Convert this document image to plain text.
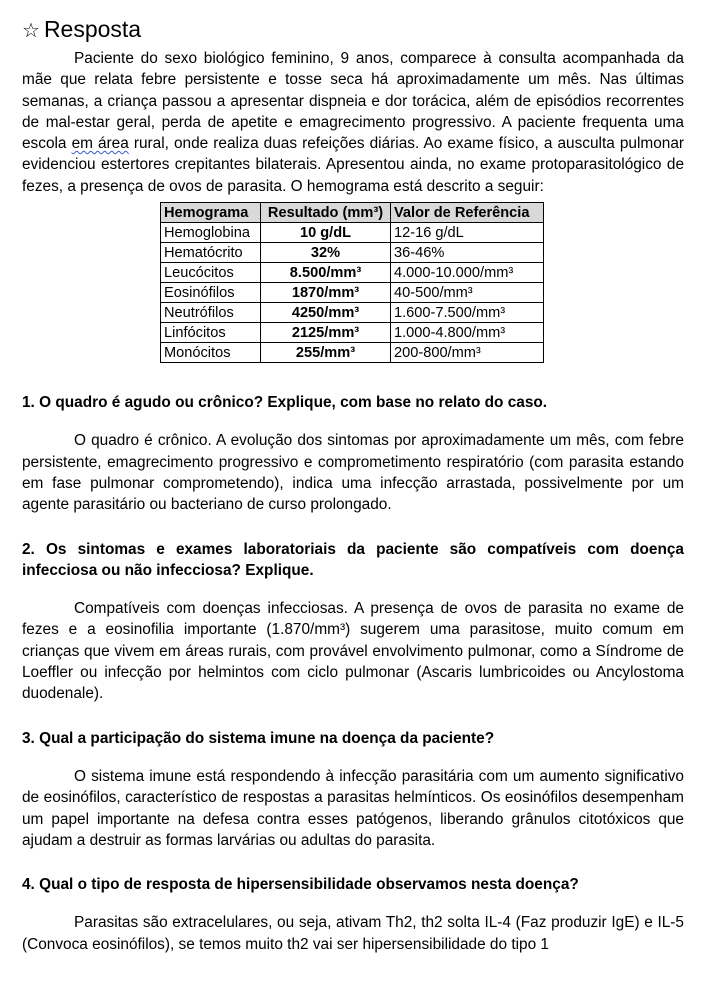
☆ Resposta

Paciente do sexo biológico feminino, 9 anos, comparece à consulta acompanhada da mãe que relata febre persistente e tosse seca há aproximadamente um mês. Nas últimas semanas, a criança passou a apresentar dispneia e dor torácica, além de episódios recorrentes de mal-estar geral, perda de apetite e emagrecimento progressivo. A paciente frequenta uma escola em área rural, onde realiza duas refeições diárias. Ao exame físico, a ausculta pulmonar evidenciou estertores crepitantes bilaterais. Apresentou ainda, no exame protoparasitológico de fezes, a presença de ovos de parasita. O hemograma está descrito a seguir:

Hemograma	Resultado (mm³)	Valor de Referência
Hemoglobina	10 g/dL	12-16 g/dL
Hematócrito	32%	36-46%
Leucócitos	8.500/mm³	4.000-10.000/mm³
Eosinófilos	1870/mm³	40-500/mm³
Neutrófilos	4250/mm³	1.600-7.500/mm³
Linfócitos	2125/mm³	1.000-4.800/mm³
Monócitos	255/mm³	200-800/mm³

1. O quadro é agudo ou crônico? Explique, com base no relato do caso.

O quadro é crônico. A evolução dos sintomas por aproximadamente um mês, com febre persistente, emagrecimento progressivo e comprometimento respiratório (com parasita estando em fase pulmonar comprometendo), indica uma infecção arrastada, possivelmente por um agente parasitário ou bacteriano de curso prolongado.

2. Os sintomas e exames laboratoriais da paciente são compatíveis com doença infecciosa ou não infecciosa? Explique.

Compatíveis com doenças infecciosas. A presença de ovos de parasita no exame de fezes e a eosinofilia importante (1.870/mm³) sugerem uma parasitose, muito comum em crianças que vivem em áreas rurais, com provável envolvimento pulmonar, como a Síndrome de Loeffler ou infecção por helmintos com ciclo pulmonar (Ascaris lumbricoides ou Ancylostoma duodenale).

3. Qual a participação do sistema imune na doença da paciente?

O sistema imune está respondendo à infecção parasitária com um aumento significativo de eosinófilos, característico de respostas a parasitas helmínticos. Os eosinófilos desempenham um papel importante na defesa contra esses patógenos, liberando grânulos citotóxicos que ajudam a destruir as formas larvárias ou adultas do parasita.

4. Qual o tipo de resposta de hipersensibilidade observamos nesta doença?

Parasitas são extracelulares, ou seja, ativam Th2, th2 solta IL-4 (Faz produzir IgE) e IL-5 (Convoca eosinófilos), se temos muito th2 vai ser hipersensibilidade do tipo 1
